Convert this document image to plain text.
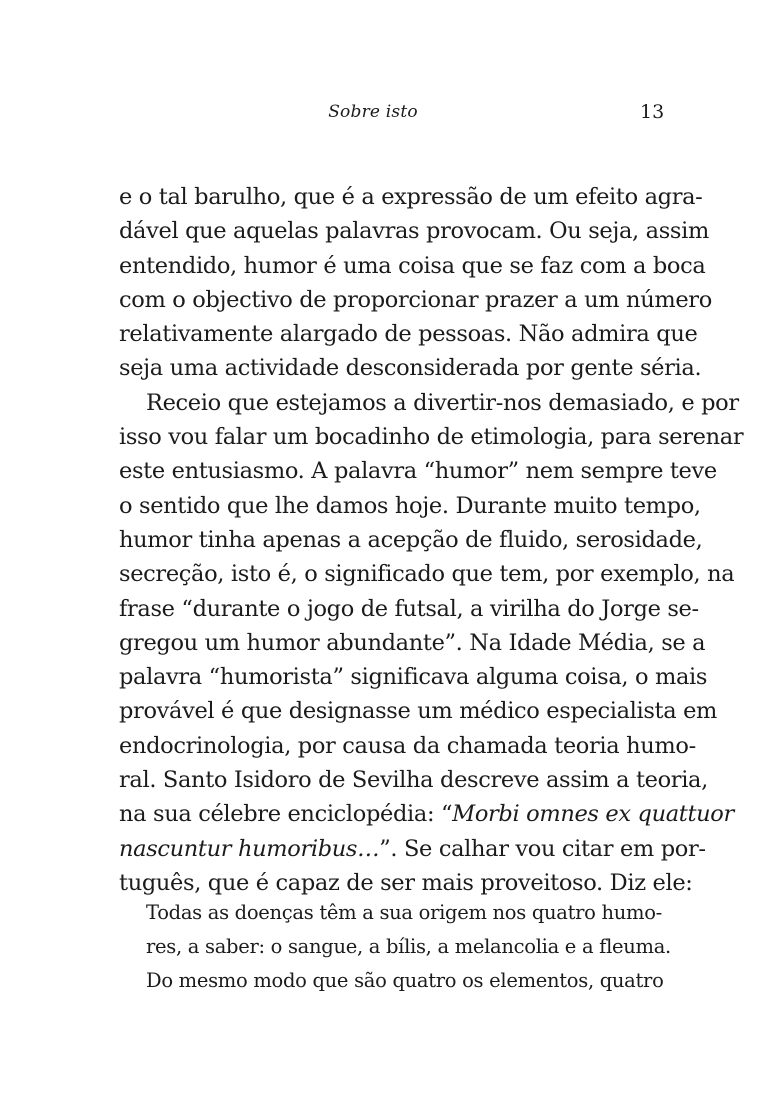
Sobre isto	13
e o tal barulho, que é a expressão de um efeito agra-
dável que aquelas palavras provocam. Ou seja, assim
entendido, humor é uma coisa que se faz com a boca
com o objectivo de proporcionar prazer a um número
relativamente alargado de pessoas. Não admira que
seja uma actividade desconsiderada por gente séria.
Receio que estejamos a divertir-nos demasiado, e por
isso vou falar um bocadinho de etimologia, para serenar
este entusiasmo. A palavra “humor” nem sempre teve
o sentido que lhe damos hoje. Durante muito tempo,
humor tinha apenas a acepção de fluido, serosidade,
secreção, isto é, o significado que tem, por exemplo, na
frase “durante o jogo de futsal, a virilha do Jorge se-
gregou um humor abundante”. Na Idade Média, se a
palavra “humorista” significava alguma coisa, o mais
provável é que designasse um médico especialista em
endocrinologia, por causa da chamada teoria humo-
ral. Santo Isidoro de Sevilha descreve assim a teoria,
na sua célebre enciclopédia: “Morbi omnes ex quattuor
nascuntur humoribus…”. Se calhar vou citar em por-
tuguês, que é capaz de ser mais proveitoso. Diz ele:
Todas as doenças têm a sua origem nos quatro humo-
res, a saber: o sangue, a bílis, a melancolia e a fleuma.
Do mesmo modo que são quatro os elementos, quatro
